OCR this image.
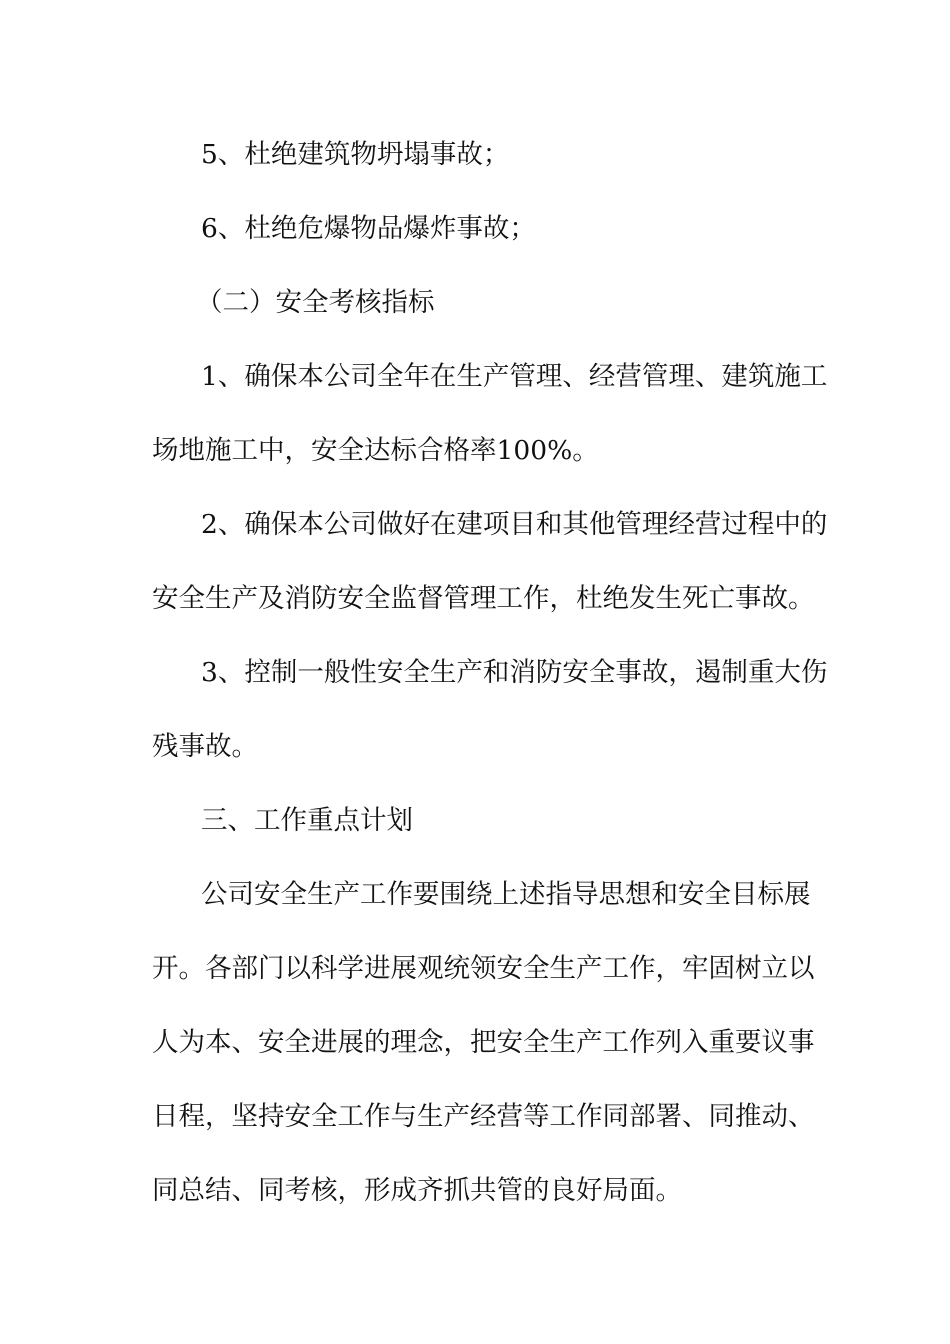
5、杜绝建筑物坍塌事故；
6、杜绝危爆物品爆炸事故；
（二）安全考核指标
1、确保本公司全年在生产管理、经营管理、建筑施工
场地施工中，安全达标合格率100%。
2、确保本公司做好在建项目和其他管理经营过程中的
安全生产及消防安全监督管理工作，杜绝发生死亡事故。
3、控制一般性安全生产和消防安全事故，遏制重大伤
残事故。
三、工作重点计划
公司安全生产工作要围绕上述指导思想和安全目标展
开。各部门以科学进展观统领安全生产工作，牢固树立以
人为本、安全进展的理念，把安全生产工作列入重要议事
日程，坚持安全工作与生产经营等工作同部署、同推动、
同总结、同考核，形成齐抓共管的良好局面。
